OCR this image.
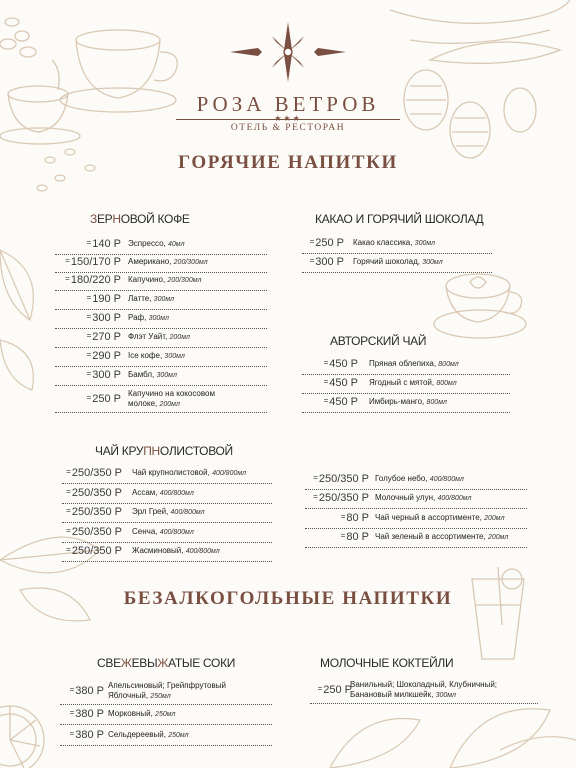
РОЗА ВЕТРОВ
ОТЕЛЬ & РЕСТОРАН
ГОРЯЧИЕ НАПИТКИ
ЗЕРНОВОЙ КОФЕ
= 140 Р Эспрессо, 40мл
= 150/170 Р Американо, 200/300мл
= 180/220 Р Капучино, 200/300мл
= 190 Р Латте, 300мл
= 300 Р Раф, 300мл
= 270 Р Флэт Уайт, 200мл
= 290 Р Ice кофе, 300мл
= 300 Р Бамбл, 300мл
= 250 Р Капучино на кокосовом
молоке, 200мл
КАКАО И ГОРЯЧИЙ ШОКОЛАД
= 250 Р Какао классика, 300мл
= 300 Р Горячий шоколад, 300мл
АВТОРСКИЙ ЧАЙ
= 450 Р Пряная облепиха, 800мл
= 450 Р Ягодный с мятой, 800мл
= 450 Р Имбирь-манго, 800мл
ЧАЙ КРУПНОЛИСТОВОЙ
= 250/350 Р Чай крупнолистовой, 400/800мл
= 250/350 Р Ассам, 400/800мл
= 250/350 Р Эрл Грей, 400/800мл
= 250/350 Р Сенча, 400/800мл
= 250/350 Р Жасминовый, 400/800мл
= 250/350 Р Голубое небо, 400/800мл
= 250/350 Р Молочный улун, 400/800мл
= 80 Р Чай черный в ассортименте, 200мл
= 80 Р Чай зеленый в ассортименте, 200мл
БЕЗАЛКОГОЛЬНЫЕ НАПИТКИ
СВЕЖЕВЫЖАТЫЕ СОКИ
= 380 Р Апельсиновый; Грейпфрутовый
Яблочный, 250мл
= 380 Р Морковный, 250мл
= 380 Р Сельдереевый, 250мл
МОЛОЧНЫЕ КОКТЕЙЛИ
= 250 Р
Ванильный; Шоколадный, Клубничный;
Банановый милкшейк, 300мл
